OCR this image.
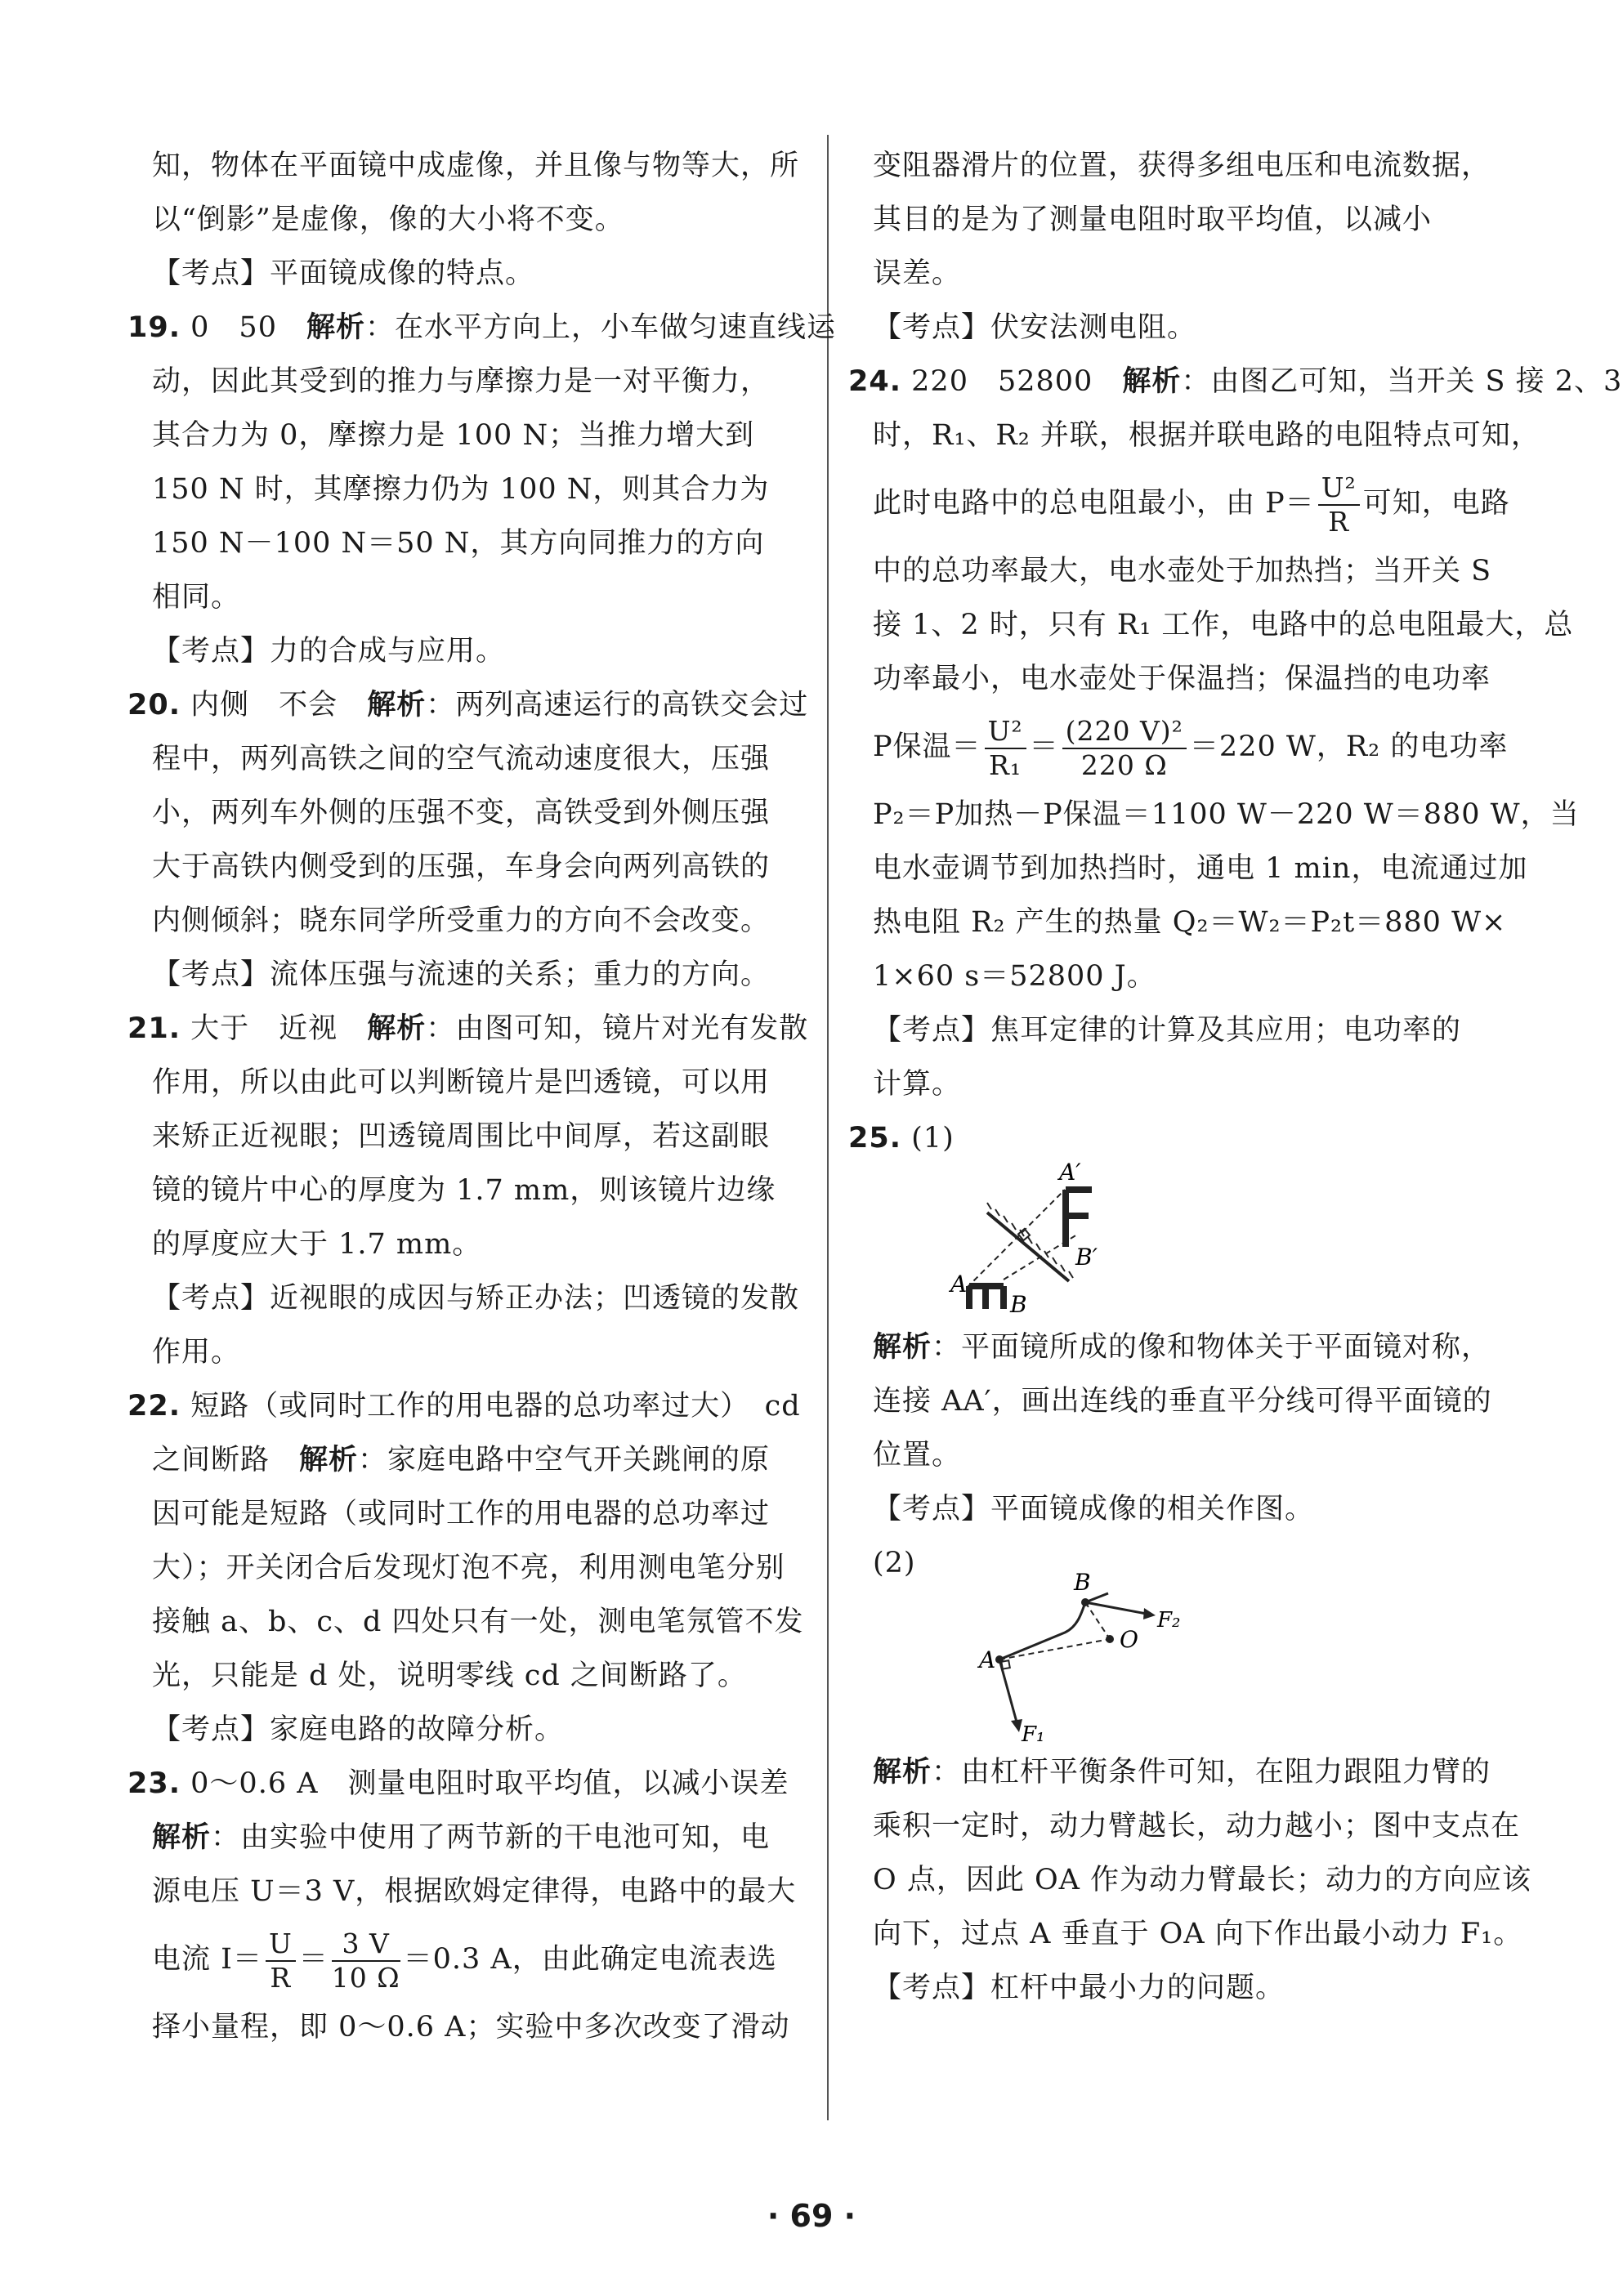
知，物体在平面镜中成虚像，并且像与物等大，所
以“倒影”是虚像，像的大小将不变。
【考点】平面镜成像的特点。
19. 0　50　 解析：在水平方向上，小车做匀速直线运
动，因此其受到的推力与摩擦力是一对平衡力，
其合力为 0，摩擦力是 100 N；当推力增大到
150 N 时，其摩擦力仍为 100 N，则其合力为
150 N－100 N＝50 N，其方向同推力的方向
相同。
【考点】力的合成与应用。
20. 内侧　不会　 解析：两列高速运行的高铁交会过
程中，两列高铁之间的空气流动速度很大，压强
小，两列车外侧的压强不变，高铁受到外侧压强
大于高铁内侧受到的压强，车身会向两列高铁的
内侧倾斜；晓东同学所受重力的方向不会改变。
【考点】流体压强与流速的关系；重力的方向。
21. 大于　近视　 解析：由图可知，镜片对光有发散
作用，所以由此可以判断镜片是凹透镜，可以用
来矫正近视眼；凹透镜周围比中间厚，若这副眼
镜的镜片中心的厚度为 1.7 mm，则该镜片边缘
的厚度应大于 1.7 mm。
【考点】近视眼的成因与矫正办法；凹透镜的发散
作用。
22. 短路（或同时工作的用电器的总功率过大）　cd
之间断路　解析：家庭电路中空气开关跳闸的原
因可能是短路（或同时工作的用电器的总功率过
大）；开关闭合后发现灯泡不亮，利用测电笔分别
接触 a、b、c、d 四处只有一处，测电笔氖管不发
光，只能是 d 处，说明零线 cd 之间断路了。
【考点】家庭电路的故障分析。
23. 0～0.6 A　测量电阻时取平均值，以减小误差
解析：由实验中使用了两节新的干电池可知，电
源电压 U＝3 V，根据欧姆定律得，电路中的最大
电流 $I= \frac{U}{R} = \frac{3 V}{10 \Omega} =0.3$ A，由此确定电流表选
择小量程，即 0～0.6 A；实验中多次改变了滑动
变阻器滑片的位置，获得多组电压和电流数据，
其目的是为了测量电阻时取平均值，以减小
误差。
【考点】伏安法测电阻。
24. 220　52800　 解析：由图乙可知，当开关 S 接 2、3
时，R₁、R₂ 并联，根据并联电路的电阻特点可知，
此时电路中的总电阻最小，由 $P= \frac{\text{U²}}{R}$ 可知，电路
中的总功率最大，电水壶处于加热挡；当开关 S
接 1、2 时，只有 R₁ 工作，电路中的总电阻最大，总
功率最小，电水壶处于保温挡；保温挡的电功率
P保温＝ $\frac{\text{U²}}{\text{R₁}} = \frac{\text{(220 V)²}}{220 \Omega} =220$ W，R₂ 的电功率
P₂＝P加热－P保温＝1100 W－220 W＝880 W，当
电水壶调节到加热挡时，通电 1 min，电流通过加
热电阻 R₂ 产生的热量 Q₂＝W₂＝P₂t＝880 W×
1×60 s＝52800 J。
【考点】焦耳定律的计算及其应用；电功率的
计算。
25. (1)
A
B
A′
B′
解析：平面镜所成的像和物体关于平面镜对称，
连接 AA′，画出连线的垂直平分线可得平面镜的
位置。
【考点】平面镜成像的相关作图。
(2)
A
B
O
F₂
F₁
解析：由杠杆平衡条件可知，在阻力跟阻力臂的
乘积一定时，动力臂越长，动力越小；图中支点在
O 点，因此 OA 作为动力臂最长；动力的方向应该
向下，过点 A 垂直于 OA 向下作出最小动力 F₁。
【考点】杠杆中最小力的问题。
· 69 ·
